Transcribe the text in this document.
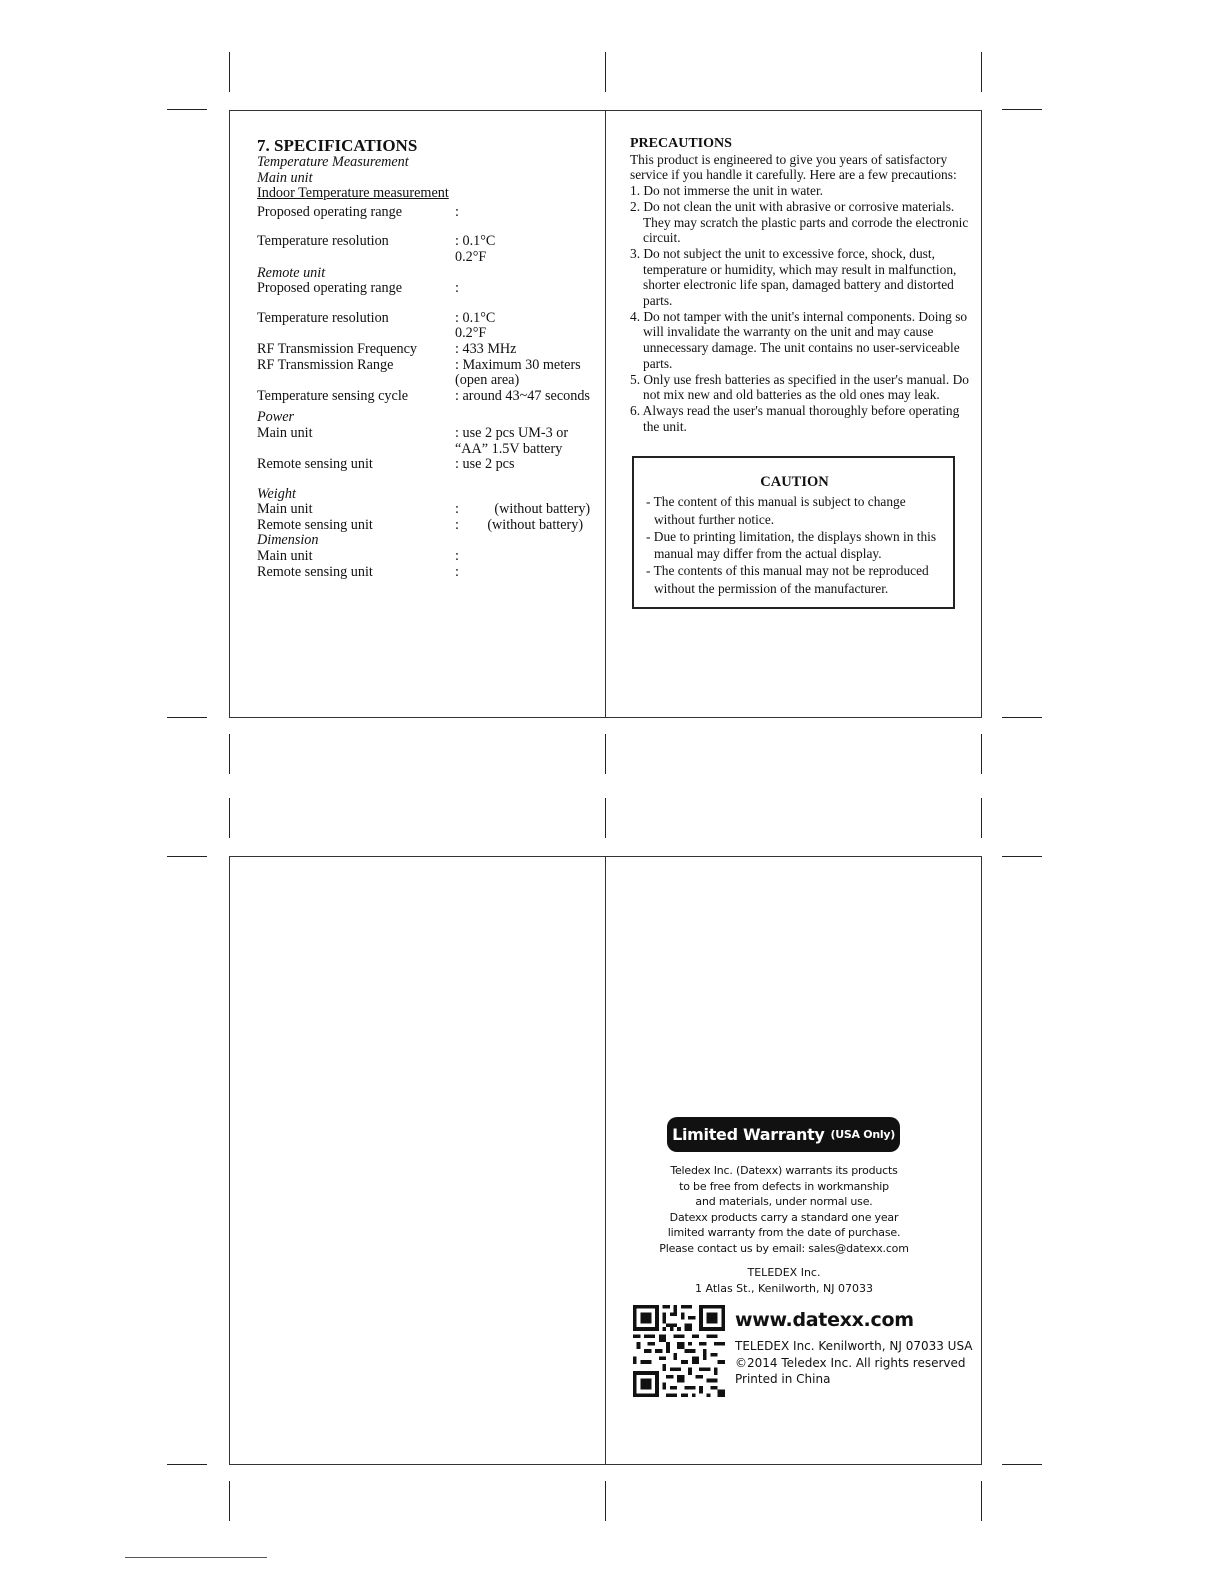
7. SPECIFICATIONS
Temperature Measurement
Main unit
Indoor Temperature measurement
Proposed operating range	:
Temperature resolution	: 0.1°C
0.2°F
Remote unit
Proposed operating range	:
Temperature resolution	: 0.1°C
0.2°F
RF Transmission Frequency	: 433 MHz
RF Transmission Range	: Maximum 30 meters
(open area)
Temperature sensing cycle	: around 43~47 seconds
Power
Main unit	: use 2 pcs UM-3 or
“AA” 1.5V battery
Remote sensing unit	: use 2 pcs
Weight
Main unit	:          (without battery)
Remote sensing unit	:        (without battery)
Dimension
Main unit	:
Remote sensing unit	:
PRECAUTIONS
This product is engineered to give you years of satisfactory service if you handle it carefully. Here are a few precautions:
1. Do not immerse the unit in water.
2. Do not clean the unit with abrasive or corrosive materials. They may scratch the plastic parts and corrode the electronic circuit.
3. Do not subject the unit to excessive force, shock, dust, temperature or humidity, which may result in malfunction, shorter electronic life span, damaged battery and distorted parts.
4. Do not tamper with the unit's internal components. Doing so will invalidate the warranty on the unit and may cause unnecessary damage. The unit contains no user-serviceable parts.
5. Only use fresh batteries as specified in the user's manual. Do not mix new and old batteries as the old ones may leak.
6. Always read the user's manual thoroughly before operating the unit.
CAUTION
- The content of this manual is subject to change without further notice.
- Due to printing limitation, the displays shown in this manual may differ from the actual display.
- The contents of this manual may not be reproduced without the permission of the manufacturer.
Limited Warranty (USA Only)
Teledex Inc. (Datexx) warrants its products
to be free from defects in workmanship
and materials, under normal use.
Datexx products carry a standard one year
limited warranty from the date of purchase.
Please contact us by email: sales@datexx.com
TELEDEX Inc.
1 Atlas St., Kenilworth, NJ 07033
www.datexx.com
TELEDEX Inc. Kenilworth, NJ 07033 USA
©2014 Teledex Inc. All rights reserved
Printed in China
